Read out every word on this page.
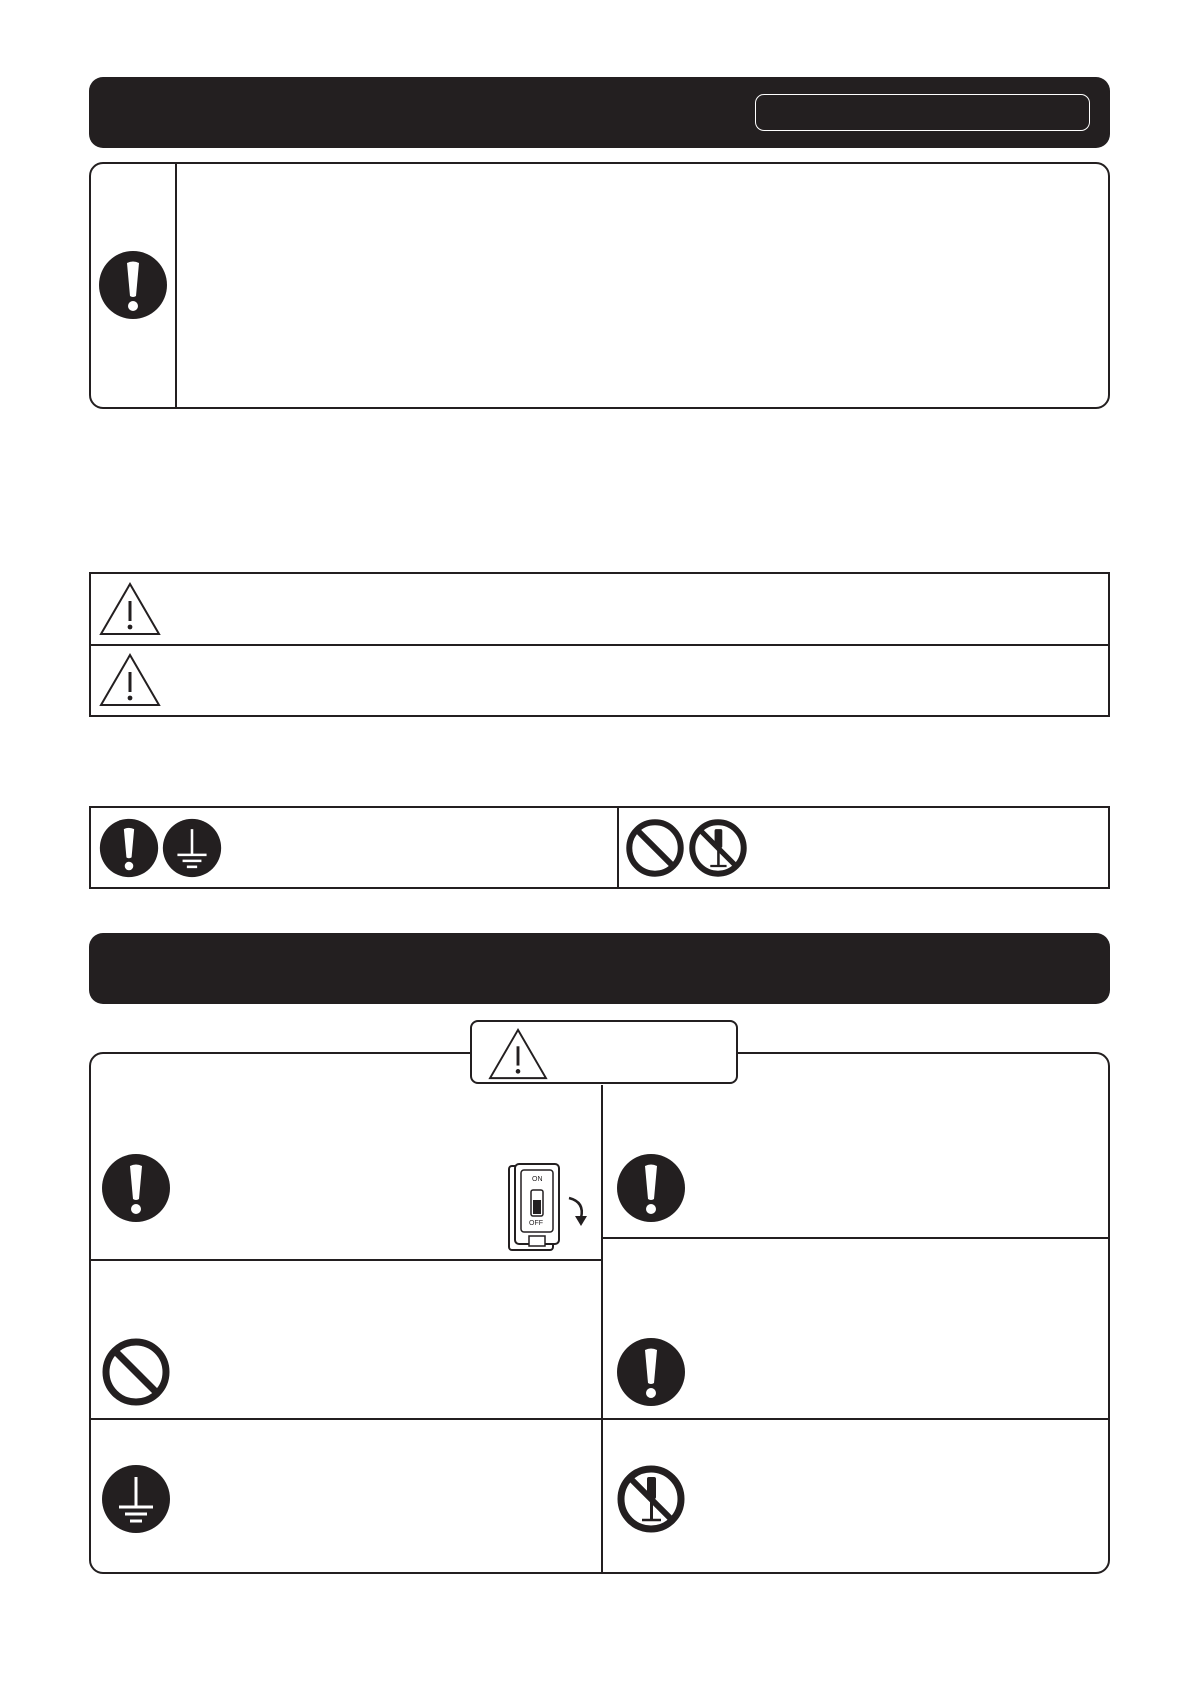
ON
OFF
